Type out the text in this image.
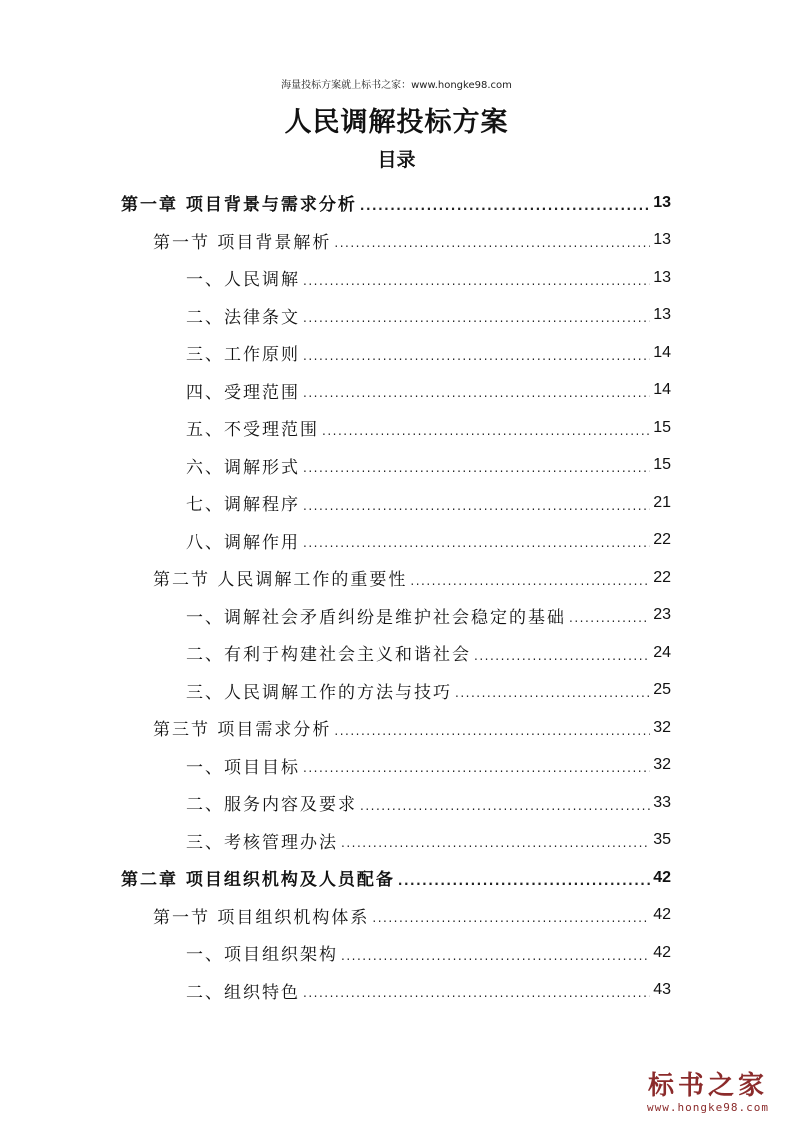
海量投标方案就上标书之家：www.hongke98.com
人民调解投标方案
目录
第一章 项目背景与需求分析 .....	13
第一节 项目背景解析 .....	13
一、人民调解 .....	13
二、法律条文 .....	13
三、工作原则 .....	14
四、受理范围 .....	14
五、不受理范围 .....	15
六、调解形式 .....	15
七、调解程序 .....	21
八、调解作用 .....	22
第二节 人民调解工作的重要性 .....	22
一、调解社会矛盾纠纷是维护社会稳定的基础 .....	23
二、有利于构建社会主义和谐社会 .....	24
三、人民调解工作的方法与技巧 .....	25
第三节 项目需求分析 .....	32
一、项目目标 .....	32
二、服务内容及要求 .....	33
三、考核管理办法 .....	35
第二章 项目组织机构及人员配备 .....	42
第一节 项目组织机构体系 .....	42
一、项目组织架构 .....	42
二、组织特色 .....	43
标书之家
www.hongke98.com
